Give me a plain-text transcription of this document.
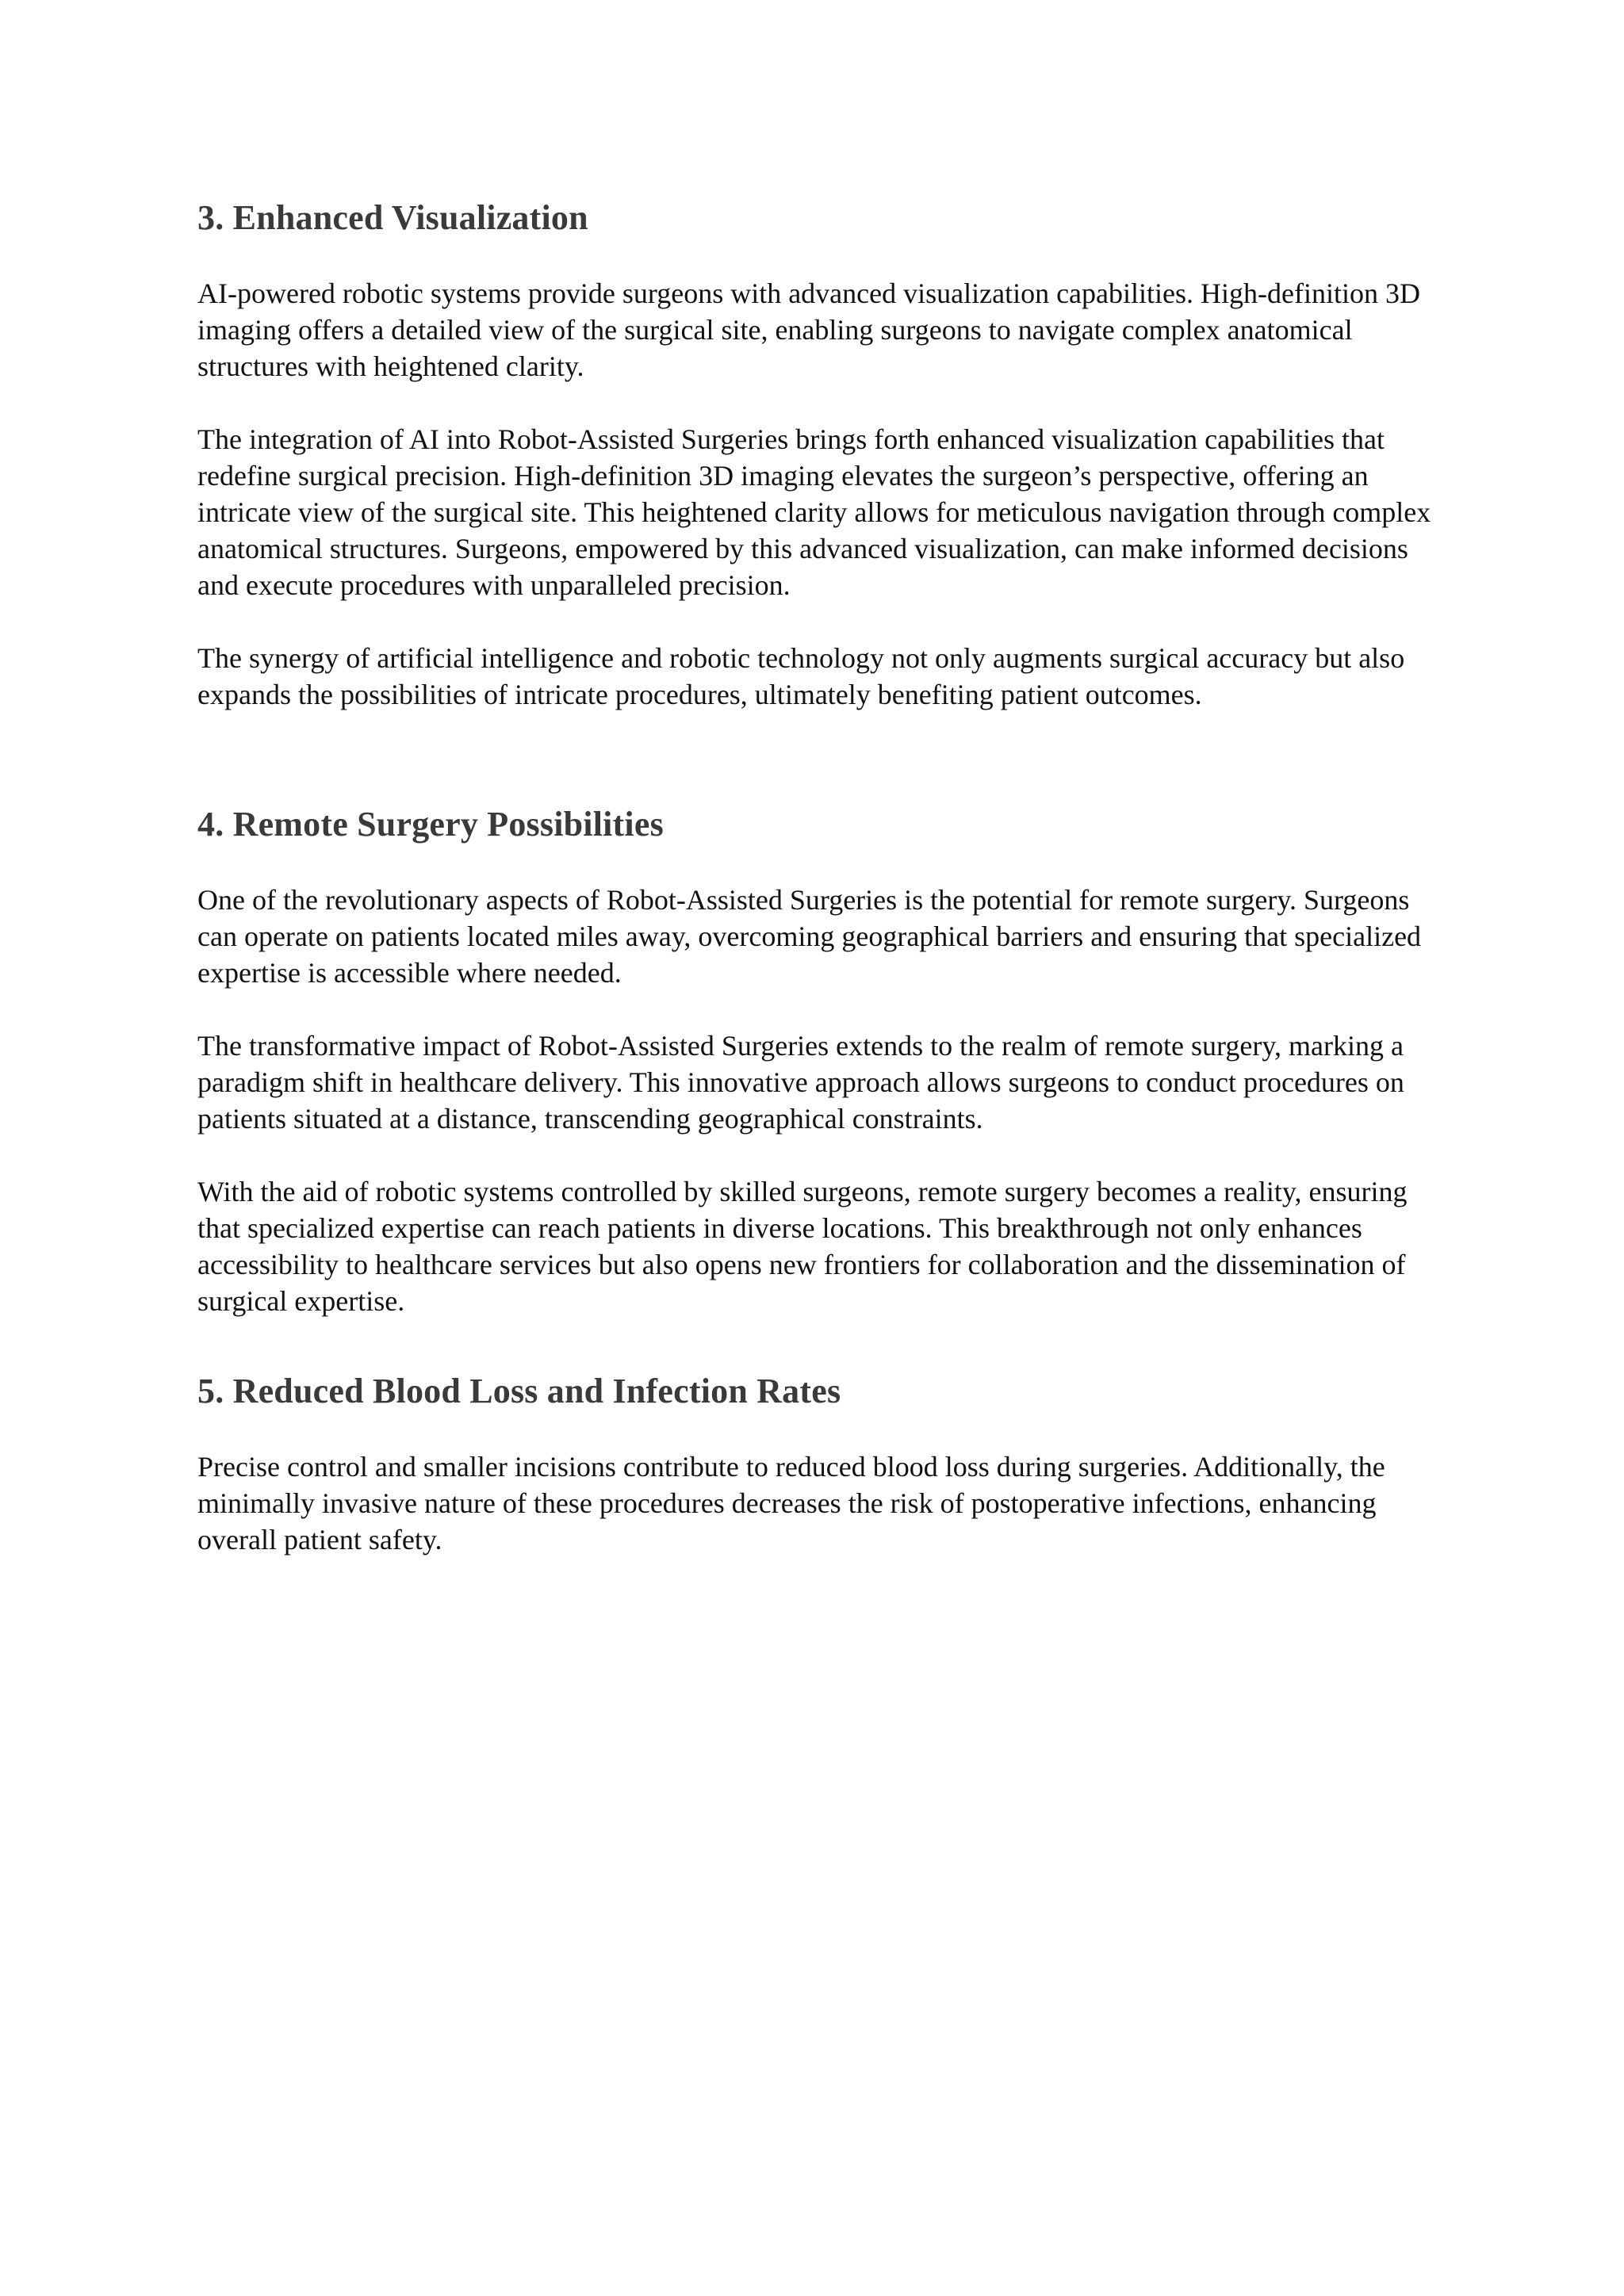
3. Enhanced Visualization

AI-powered robotic systems provide surgeons with advanced visualization capabilities. High-definition 3D imaging offers a detailed view of the surgical site, enabling surgeons to navigate complex anatomical structures with heightened clarity.

The integration of AI into Robot-Assisted Surgeries brings forth enhanced visualization capabilities that redefine surgical precision. High-definition 3D imaging elevates the surgeon’s perspective, offering an intricate view of the surgical site. This heightened clarity allows for meticulous navigation through complex anatomical structures. Surgeons, empowered by this advanced visualization, can make informed decisions and execute procedures with unparalleled precision.

The synergy of artificial intelligence and robotic technology not only augments surgical accuracy but also expands the possibilities of intricate procedures, ultimately benefiting patient outcomes.

4. Remote Surgery Possibilities

One of the revolutionary aspects of Robot-Assisted Surgeries is the potential for remote surgery. Surgeons can operate on patients located miles away, overcoming geographical barriers and ensuring that specialized expertise is accessible where needed.

The transformative impact of Robot-Assisted Surgeries extends to the realm of remote surgery, marking a paradigm shift in healthcare delivery. This innovative approach allows surgeons to conduct procedures on patients situated at a distance, transcending geographical constraints.

With the aid of robotic systems controlled by skilled surgeons, remote surgery becomes a reality, ensuring that specialized expertise can reach patients in diverse locations. This breakthrough not only enhances accessibility to healthcare services but also opens new frontiers for collaboration and the dissemination of surgical expertise.

5. Reduced Blood Loss and Infection Rates

Precise control and smaller incisions contribute to reduced blood loss during surgeries. Additionally, the minimally invasive nature of these procedures decreases the risk of postoperative infections, enhancing overall patient safety.
